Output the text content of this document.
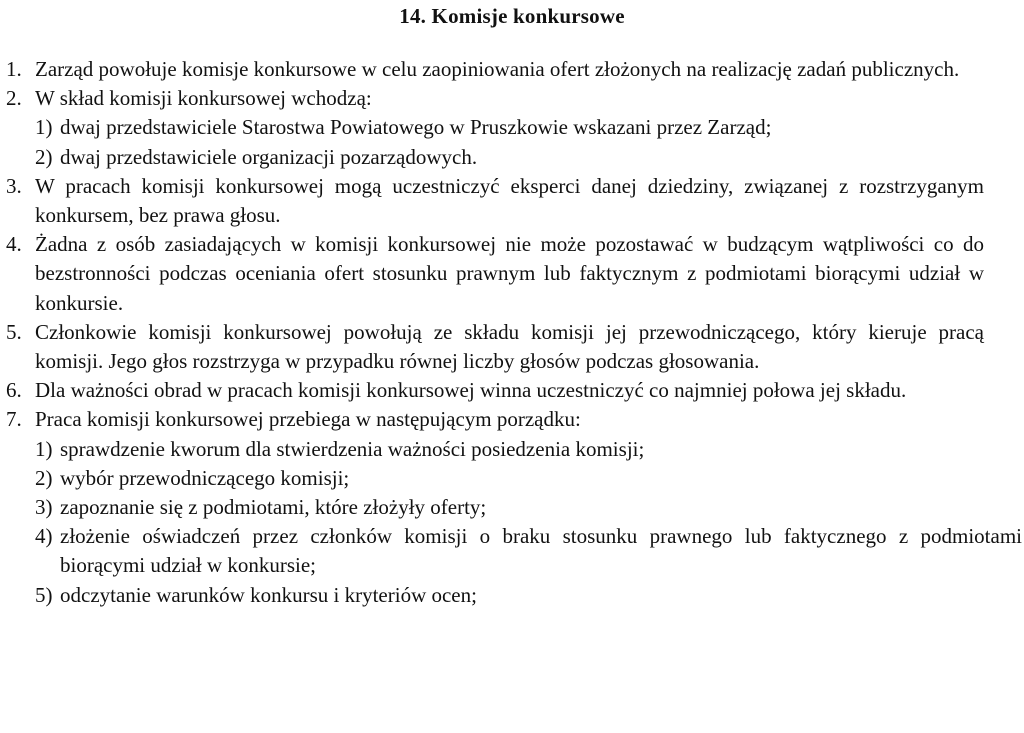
14. Komisje konkursowe
1. Zarząd powołuje komisje konkursowe w celu zaopiniowania ofert złożonych na realizację zadań publicznych.
2. W skład komisji konkursowej wchodzą:
1) dwaj przedstawiciele Starostwa Powiatowego w Pruszkowie wskazani przez Zarząd;
2) dwaj przedstawiciele organizacji pozarządowych.
3. W pracach komisji konkursowej mogą uczestniczyć eksperci danej dziedziny, związanej z rozstrzyganym konkursem, bez prawa głosu.
4. Żadna z osób zasiadających w komisji konkursowej nie może pozostawać w budzącym wątpliwości co do bezstronności podczas oceniania ofert stosunku prawnym lub faktycznym z podmiotami biorącymi udział w konkursie.
5. Członkowie komisji konkursowej powołują ze składu komisji jej przewodniczącego, który kieruje pracą komisji. Jego głos rozstrzyga w przypadku równej liczby głosów podczas głosowania.
6. Dla ważności obrad w pracach komisji konkursowej winna uczestniczyć co najmniej połowa jej składu.
7. Praca komisji konkursowej przebiega w następującym porządku:
1) sprawdzenie kworum dla stwierdzenia ważności posiedzenia komisji;
2) wybór przewodniczącego komisji;
3) zapoznanie się z podmiotami, które złożyły oferty;
4) złożenie oświadczeń przez członków komisji o braku stosunku prawnego lub faktycznego z podmiotami biorącymi udział w konkursie;
5) odczytanie warunków konkursu i kryteriów ocen;
